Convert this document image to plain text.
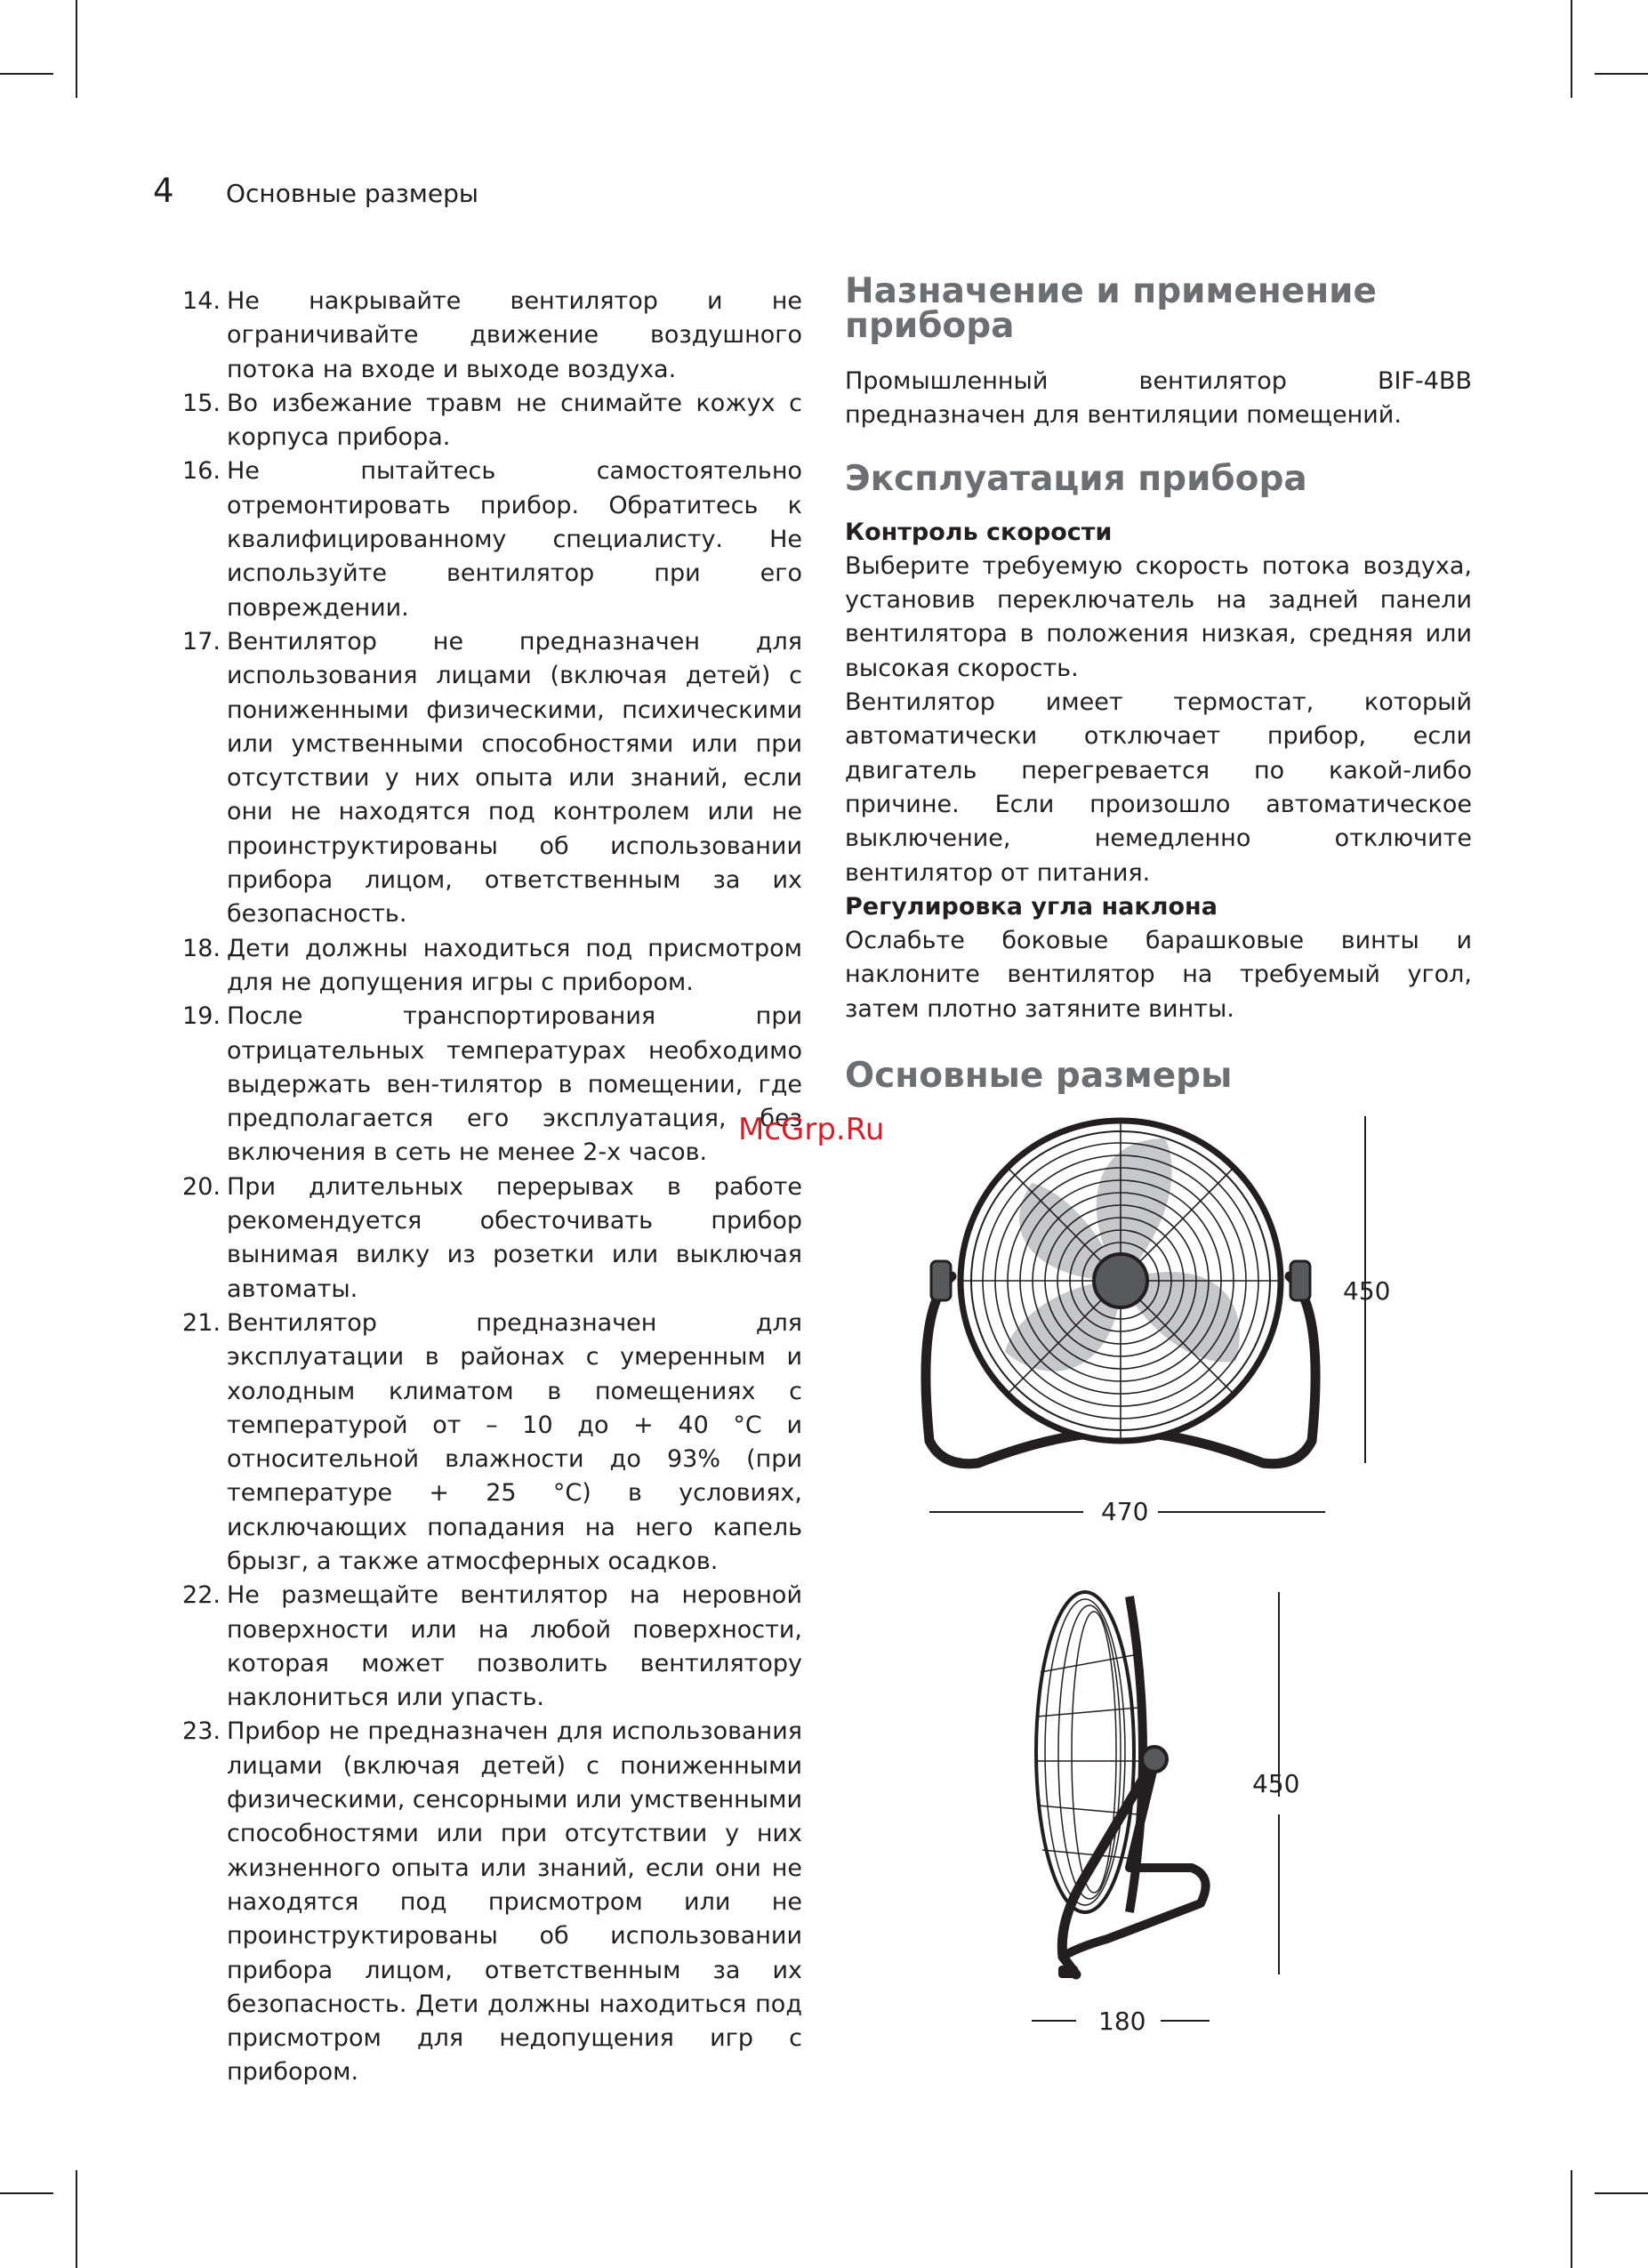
4	Основные размеры

14. Не накрывайте вентилятор и не ограничивайте движение воздушного потока на входе и выходе воздуха.

15. Во избежание травм не снимайте кожух с корпуса прибора.

16. Не пытайтесь самостоятельно отремонтировать прибор. Обратитесь к квалифицированному специалисту. Не используйте вентилятор при его повреждении.

17. Вентилятор не предназначен для использования лицами (включая детей) с пониженными физическими, психическими или умственными способностями или при отсутствии у них опыта или знаний, если они не находятся под контролем или не проинструктированы об использовании прибора лицом, ответственным за их безопасность.

18. Дети должны находиться под присмотром для не допущения игры с прибором.

19. После транспортирования при отрицательных температурах необходимо выдержать вен-тилятор в помещении, где предполагается его эксплуатация, без включения в сеть не менее 2-х часов.

20. При длительных перерывах в работе рекомендуется обесточивать прибор вынимая вилку из розетки или выключая автоматы.

21. Вентилятор предназначен для эксплуатации в районах с умеренным и холодным климатом в помещениях с температурой от – 10 до + 40 °С и относительной влажности до 93% (при температуре + 25 °С) в условиях, исключающих попадания на него капель брызг, а также атмосферных осадков.

22. Не размещайте вентилятор на неровной поверхности или на любой поверхности, которая может позволить вентилятору наклониться или упасть.

23. Прибор не предназначен для использования лицами (включая детей) с пониженными физическими, сенсорными или умственными способностями или при отсутствии у них жизненного опыта или знаний, если они не находятся под присмотром или не проинструктированы об использовании прибора лицом, ответственным за их безопасность. Дети должны находиться под присмотром для недопущения игр с прибором.

Назначение и применение
прибора

Промышленный вентилятор BIF-4BB предназначен для вентиляции помещений.

Эксплуатация прибора

Контроль скорости

Выберите требуемую скорость потока воздуха, установив переключатель на задней панели вентилятора в положения низкая, средняя или высокая скорость.

Вентилятор имеет термостат, который автоматически отключает прибор, если двигатель перегревается по какой-либо причине. Если произошло автоматическое выключение, немедленно отключите вентилятор от питания.

Регулировка угла наклона

Ослабьте боковые барашковые винты и наклоните вентилятор на требуемый угол, затем плотно затяните винты.

Основные размеры
450
470
450
180
McGrp.Ru
